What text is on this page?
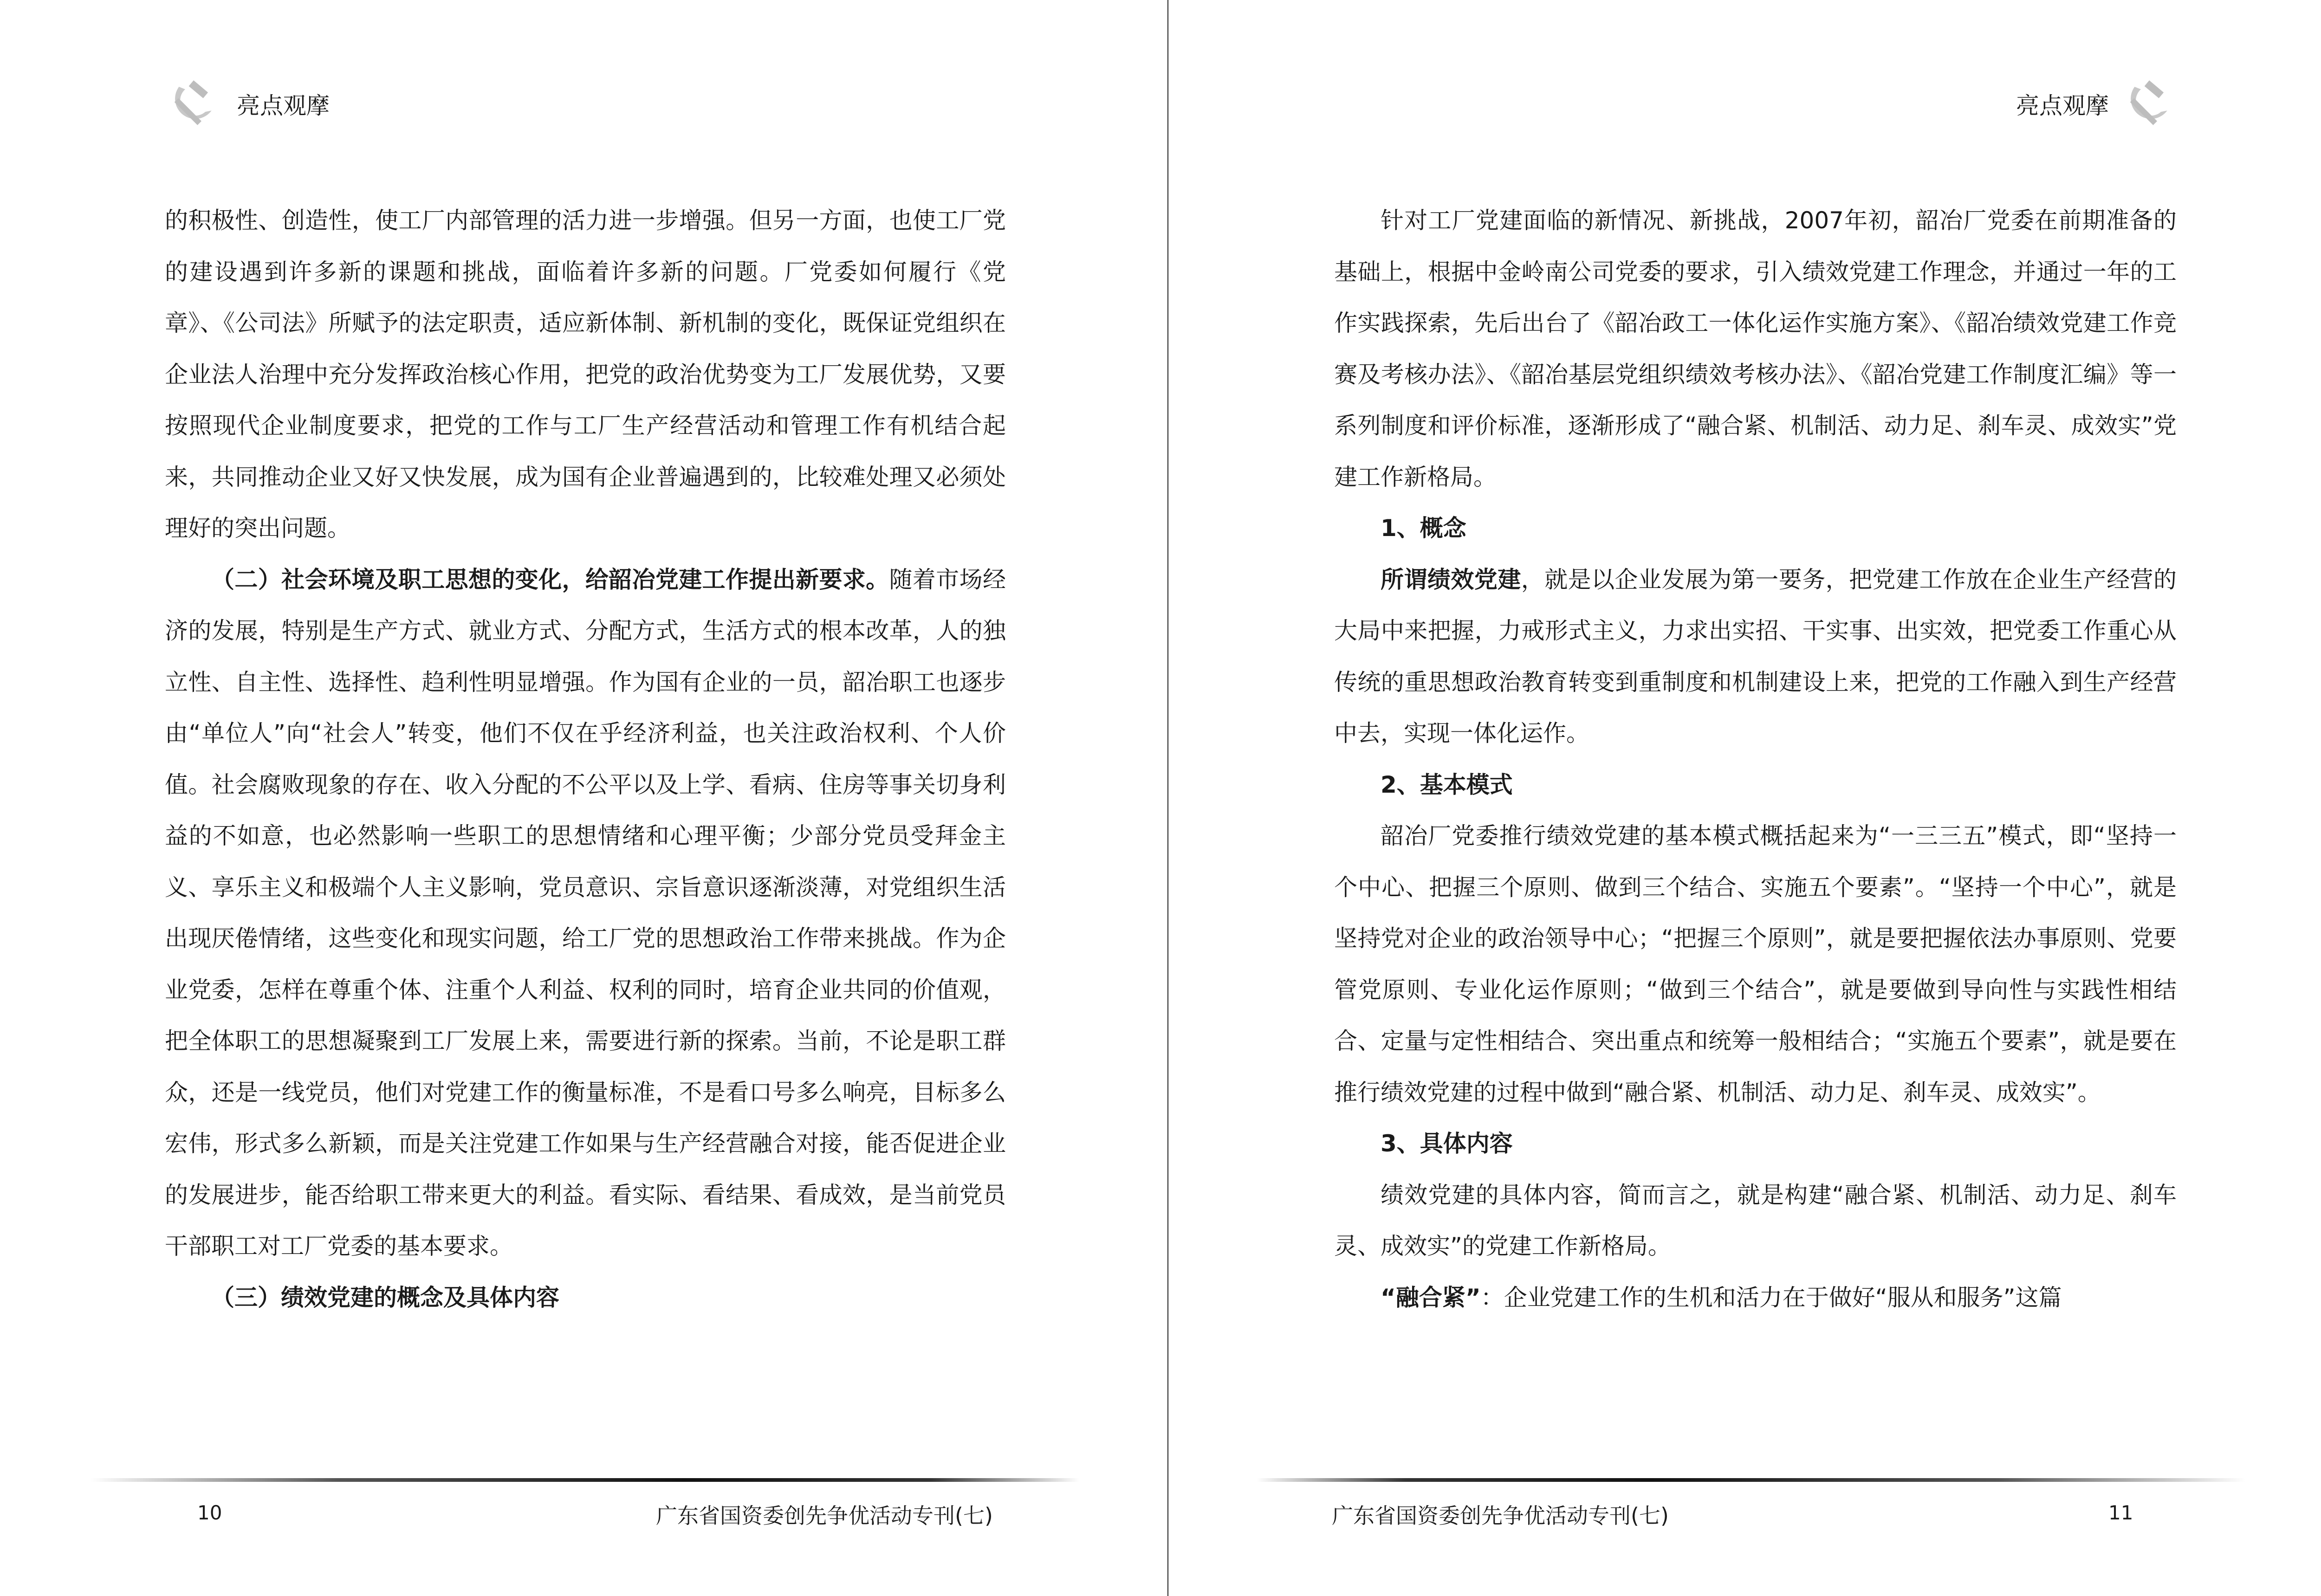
亮点观摩

的积极性、创造性，使工厂内部管理的活力进一步增强。但另一方面，也使工厂党的建设遇到许多新的课题和挑战，面临着许多新的问题。厂党委如何履行《党章》、《公司法》所赋予的法定职责，适应新体制、新机制的变化，既保证党组织在企业法人治理中充分发挥政治核心作用，把党的政治优势变为工厂发展优势，又要按照现代企业制度要求，把党的工作与工厂生产经营活动和管理工作有机结合起来，共同推动企业又好又快发展，成为国有企业普遍遇到的，比较难处理又必须处理好的突出问题。

（二）社会环境及职工思想的变化，给韶冶党建工作提出新要求。随着市场经济的发展，特别是生产方式、就业方式、分配方式，生活方式的根本改革，人的独立性、自主性、选择性、趋利性明显增强。作为国有企业的一员，韶冶职工也逐步由“单位人”向“社会人”转变，他们不仅在乎经济利益，也关注政治权利、个人价值。社会腐败现象的存在、收入分配的不公平以及上学、看病、住房等事关切身利益的不如意，也必然影响一些职工的思想情绪和心理平衡；少部分党员受拜金主义、享乐主义和极端个人主义影响，党员意识、宗旨意识逐渐淡薄，对党组织生活出现厌倦情绪，这些变化和现实问题，给工厂党的思想政治工作带来挑战。作为企业党委，怎样在尊重个体、注重个人利益、权利的同时，培育企业共同的价值观，把全体职工的思想凝聚到工厂发展上来，需要进行新的探索。当前，不论是职工群众，还是一线党员，他们对党建工作的衡量标准，不是看口号多么响亮，目标多么宏伟，形式多么新颖，而是关注党建工作如果与生产经营融合对接，能否促进企业的发展进步，能否给职工带来更大的利益。看实际、看结果、看成效，是当前党员干部职工对工厂党委的基本要求。

（三）绩效党建的概念及具体内容

10	广东省国资委创先争优活动专刊(七)
亮点观摩

针对工厂党建面临的新情况、新挑战，2007年初，韶冶厂党委在前期准备的基础上，根据中金岭南公司党委的要求，引入绩效党建工作理念，并通过一年的工作实践探索，先后出台了《韶冶政工一体化运作实施方案》、《韶冶绩效党建工作竞赛及考核办法》、《韶冶基层党组织绩效考核办法》、《韶冶党建工作制度汇编》等一系列制度和评价标准，逐渐形成了“融合紧、机制活、动力足、刹车灵、成效实”党建工作新格局。

1、概念

所谓绩效党建，就是以企业发展为第一要务，把党建工作放在企业生产经营的大局中来把握，力戒形式主义，力求出实招、干实事、出实效，把党委工作重心从传统的重思想政治教育转变到重制度和机制建设上来，把党的工作融入到生产经营中去，实现一体化运作。

2、基本模式

韶冶厂党委推行绩效党建的基本模式概括起来为“一三三五”模式，即“坚持一个中心、把握三个原则、做到三个结合、实施五个要素”。“坚持一个中心”，就是坚持党对企业的政治领导中心；“把握三个原则”，就是要把握依法办事原则、党要管党原则、专业化运作原则；“做到三个结合”，就是要做到导向性与实践性相结合、定量与定性相结合、突出重点和统筹一般相结合；“实施五个要素”，就是要在推行绩效党建的过程中做到“融合紧、机制活、动力足、刹车灵、成效实”。

3、具体内容

绩效党建的具体内容，简而言之，就是构建“融合紧、机制活、动力足、刹车灵、成效实”的党建工作新格局。

“融合紧”：企业党建工作的生机和活力在于做好“服从和服务”这篇

广东省国资委创先争优活动专刊(七)	11
